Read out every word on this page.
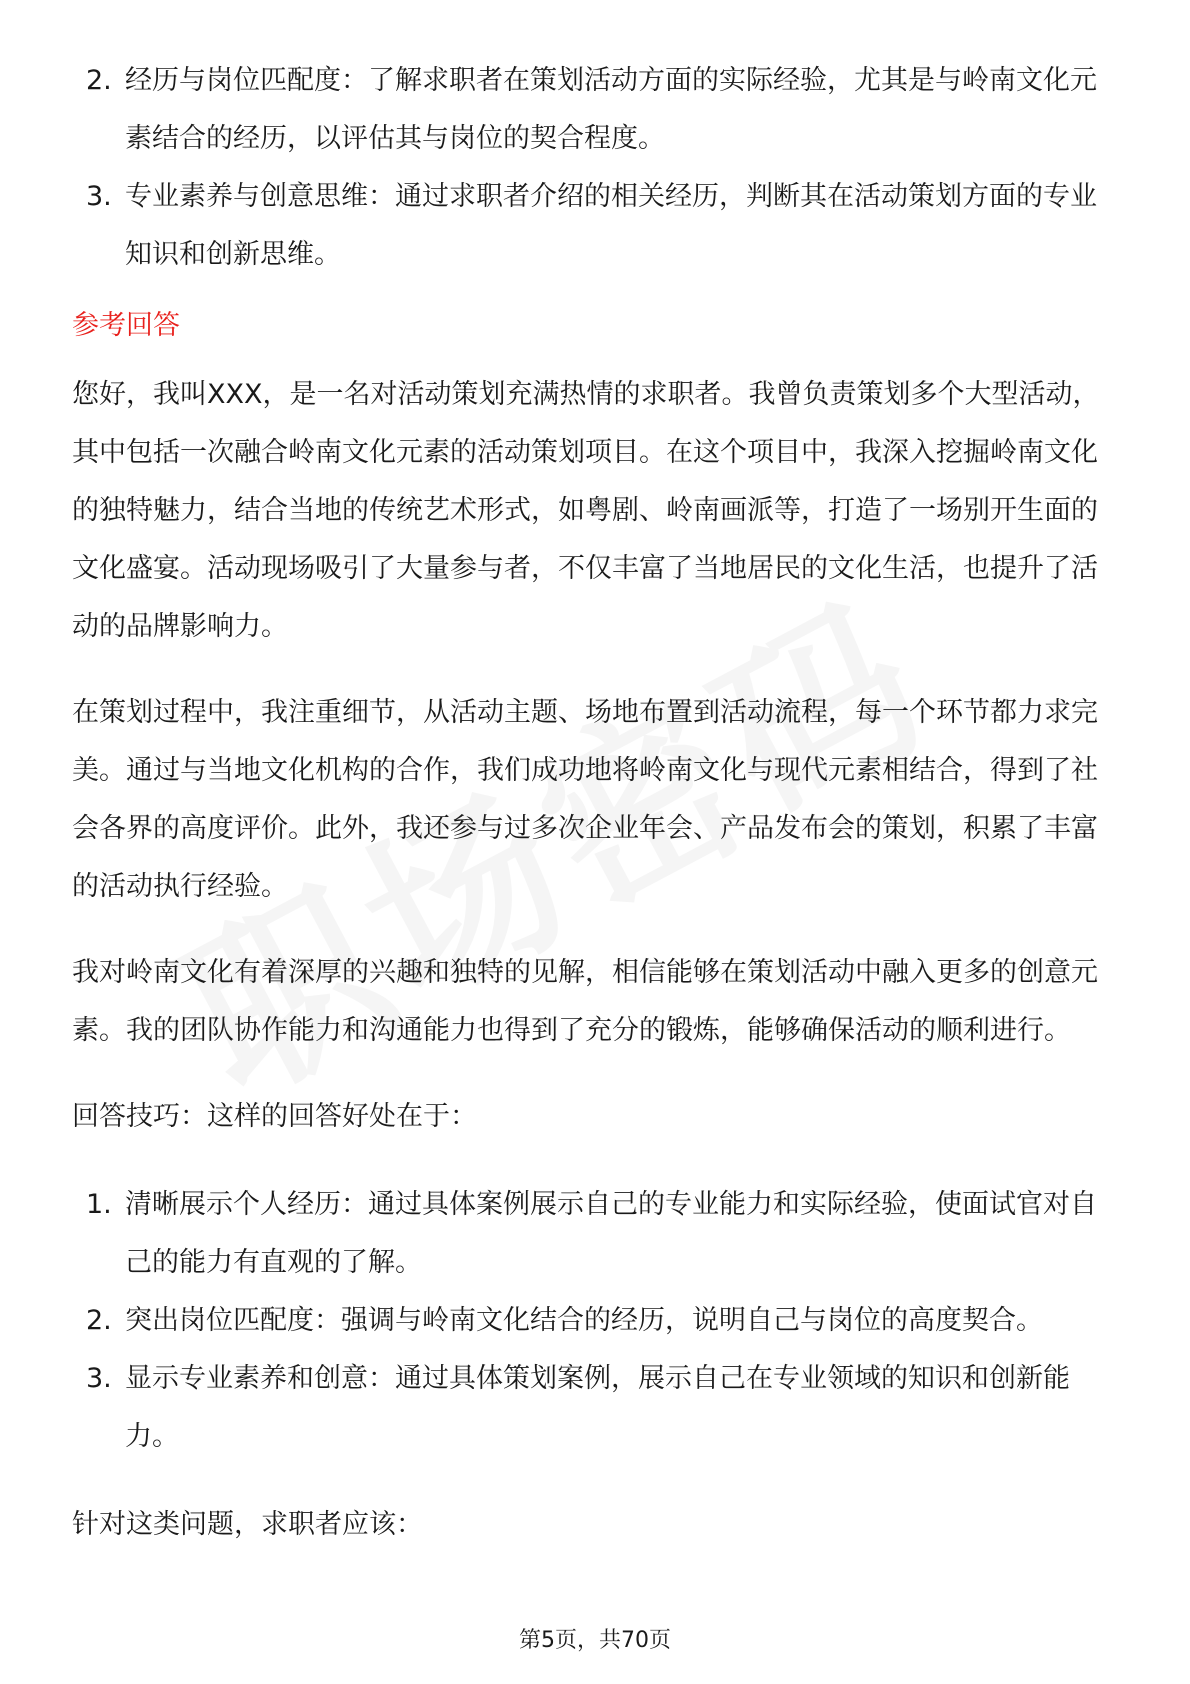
2. 经历与岗位匹配度：了解求职者在策划活动方面的实际经验，尤其是与岭南文化元素结合的经历，以评估其与岗位的契合程度。
3. 专业素养与创意思维：通过求职者介绍的相关经历，判断其在活动策划方面的专业知识和创新思维。
参考回答

您好，我叫XXX，是一名对活动策划充满热情的求职者。我曾负责策划多个大型活动，其中包括一次融合岭南文化元素的活动策划项目。在这个项目中，我深入挖掘岭南文化的独特魅力，结合当地的传统艺术形式，如粤剧、岭南画派等，打造了一场别开生面的文化盛宴。活动现场吸引了大量参与者，不仅丰富了当地居民的文化生活，也提升了活动的品牌影响力。

在策划过程中，我注重细节，从活动主题、场地布置到活动流程，每一个环节都力求完美。通过与当地文化机构的合作，我们成功地将岭南文化与现代元素相结合，得到了社会各界的高度评价。此外，我还参与过多次企业年会、产品发布会的策划，积累了丰富的活动执行经验。

我对岭南文化有着深厚的兴趣和独特的见解，相信能够在策划活动中融入更多的创意元素。我的团队协作能力和沟通能力也得到了充分的锻炼，能够确保活动的顺利进行。

回答技巧：这样的回答好处在于：

1. 清晰展示个人经历：通过具体案例展示自己的专业能力和实际经验，使面试官对自己的能力有直观的了解。
2. 突出岗位匹配度：强调与岭南文化结合的经历，说明自己与岗位的高度契合。
3. 显示专业素养和创意：通过具体策划案例，展示自己在专业领域的知识和创新能力。

针对这类问题，求职者应该：

第5页，共70页
